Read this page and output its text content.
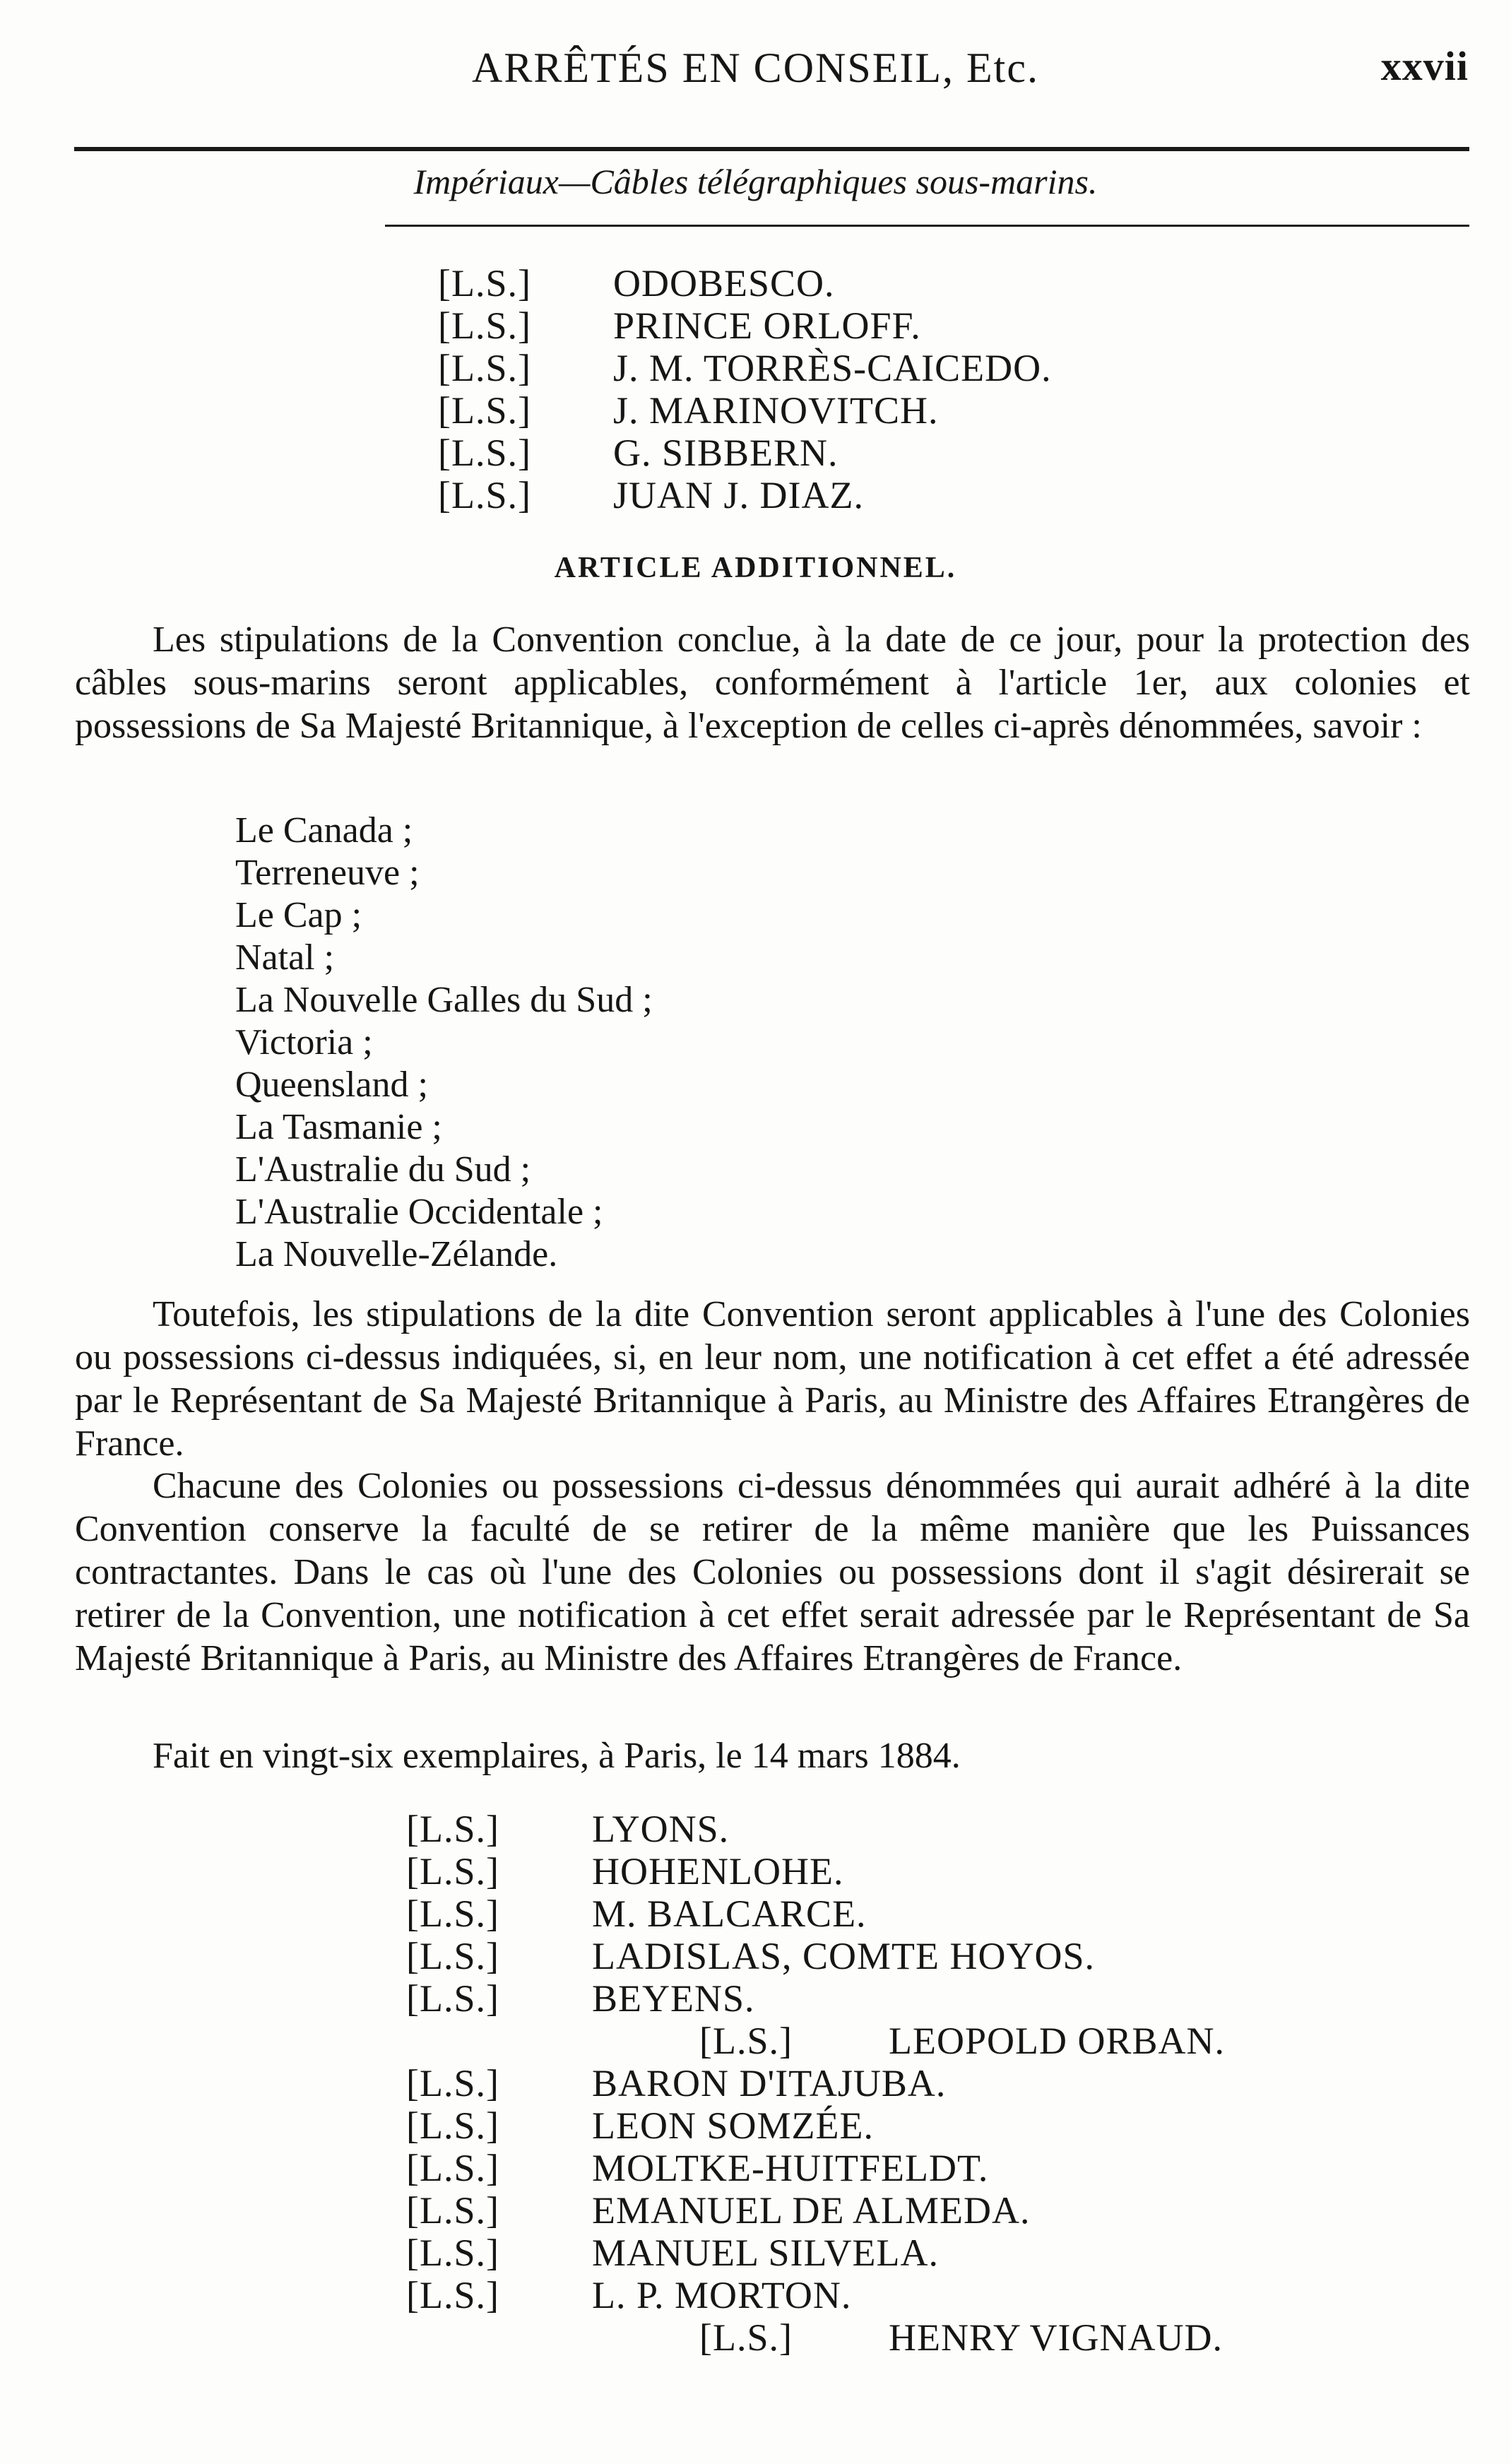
ARRÊTÉS EN CONSEIL, Etc.	xxvii
Impériaux—Câbles télégraphiques sous-marins.
[L.S.] ODOBESCO.
[L.S.] PRINCE ORLOFF.
[L.S.] J. M. TORRÈS-CAICEDO.
[L.S.] J. MARINOVITCH.
[L.S.] G. SIBBERN.
[L.S.] JUAN J. DIAZ.
ARTICLE ADDITIONNEL.
Les stipulations de la Convention conclue, à la date de ce jour, pour la protection des câbles sous-marins seront applicables, conformément à l'article 1er, aux colonies et possessions de Sa Majesté Britannique, à l'exception de celles ci-après dénommées, savoir :
Le Canada ;
Terreneuve ;
Le Cap ;
Natal ;
La Nouvelle Galles du Sud ;
Victoria ;
Queensland ;
La Tasmanie ;
L'Australie du Sud ;
L'Australie Occidentale ;
La Nouvelle-Zélande.
Toutefois, les stipulations de la dite Convention seront applicables à l'une des Colonies ou possessions ci-dessus indiquées, si, en leur nom, une notification à cet effet a été adressée par le Représentant de Sa Majesté Britannique à Paris, au Ministre des Affaires Etrangères de France.
Chacune des Colonies ou possessions ci-dessus dénommées qui aurait adhéré à la dite Convention conserve la faculté de se retirer de la même manière que les Puissances contractantes. Dans le cas où l'une des Colonies ou possessions dont il s'agit désirerait se retirer de la Convention, une notification à cet effet serait adressée par le Représentant de Sa Majesté Britannique à Paris, au Ministre des Affaires Etrangères de France.
Fait en vingt-six exemplaires, à Paris, le 14 mars 1884.
[L.S.] LYONS.
[L.S.] HOHENLOHE.
[L.S.] M. BALCARCE.
[L.S.] LADISLAS, COMTE HOYOS.
[L.S.] BEYENS.
[L.S.]	LEOPOLD ORBAN.
[L.S.] BARON D'ITAJUBA.
[L.S.] LEON SOMZÉE.
[L.S.] MOLTKE-HUITFELDT.
[L.S.] EMANUEL DE ALMEDA.
[L.S.] MANUEL SILVELA.
[L.S.] L. P. MORTON.
[L.S.]	HENRY VIGNAUD.
